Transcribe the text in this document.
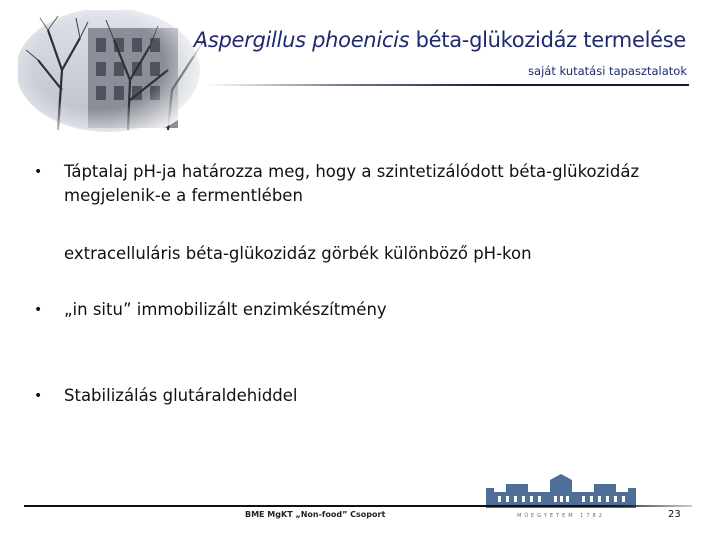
Aspergillus phoenicis béta-glükozidáz termelése
saját kutatási tapasztalatok
• Táptalaj pH-ja határozza meg, hogy a szintetizálódott béta-glükozidáz
megjelenik-e a fermentlében
extracelluláris béta-glükozidáz görbék különböző pH-kon
• „in situ” immobilizált enzimkészítmény
• Stabilizálás glutáraldehiddel
MŰEGYETEM 1782
BME MgKT „Non-food” Csoport	23
